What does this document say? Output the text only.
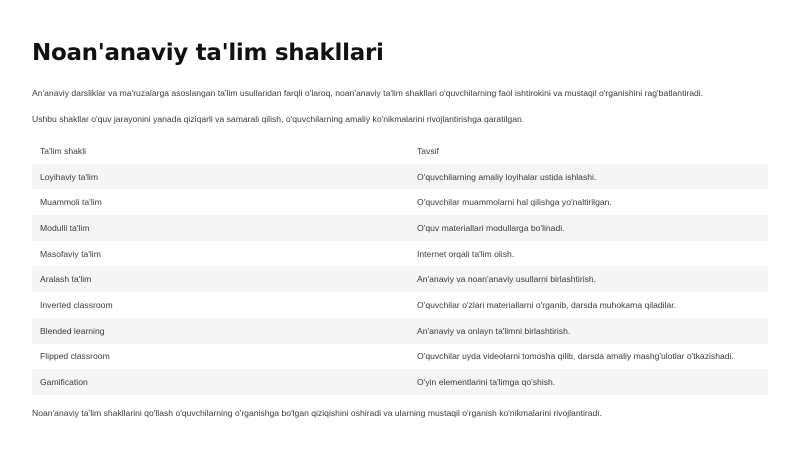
Noan'anaviy ta'lim shakllari

An'anaviy darsliklar va ma'ruzalarga asoslangan ta'lim usullaridan farqli o'laroq, noan'anaviy ta'lim shakllari o'quvchilarning faol ishtirokini va mustaqil o'rganishini rag'batlantiradi.

Ushbu shakllar o'quv jarayonini yanada qiziqarli va samarali qilish, o'quvchilarning amaliy ko'nikmalarini rivojlantirishga qaratilgan.

Ta'lim shakli	Tavsif
Loyihaviy ta'lim	O'quvchilarning amaliy loyihalar ustida ishlashi.
Muammoli ta'lim	O'quvchilar muammolarni hal qilishga yo'naltirilgan.
Modulli ta'lim	O'quv materiallari modullarga bo'linadi.
Masofaviy ta'lim	Internet orqali ta'lim olish.
Aralash ta'lim	An'anaviy va noan'anaviy usullarni birlashtirish.
Inverted classroom	O'quvchilar o'zlari materiallarni o'rganib, darsda muhokama qiladilar.
Blended learning	An'anaviy va onlayn ta'limni birlashtirish.
Flipped classroom	O'quvchilar uyda videolarni tomosha qilib, darsda amaliy mashg'ulotlar o'tkazishadi.
Gamification	O'yin elementlarini ta'limga qo'shish.

Noan'anaviy ta'lim shakllarini qo'llash o'quvchilarning o'rganishga bo'lgan qiziqishini oshiradi va ularning mustaqil o'rganish ko'nikmalarini rivojlantiradi.
